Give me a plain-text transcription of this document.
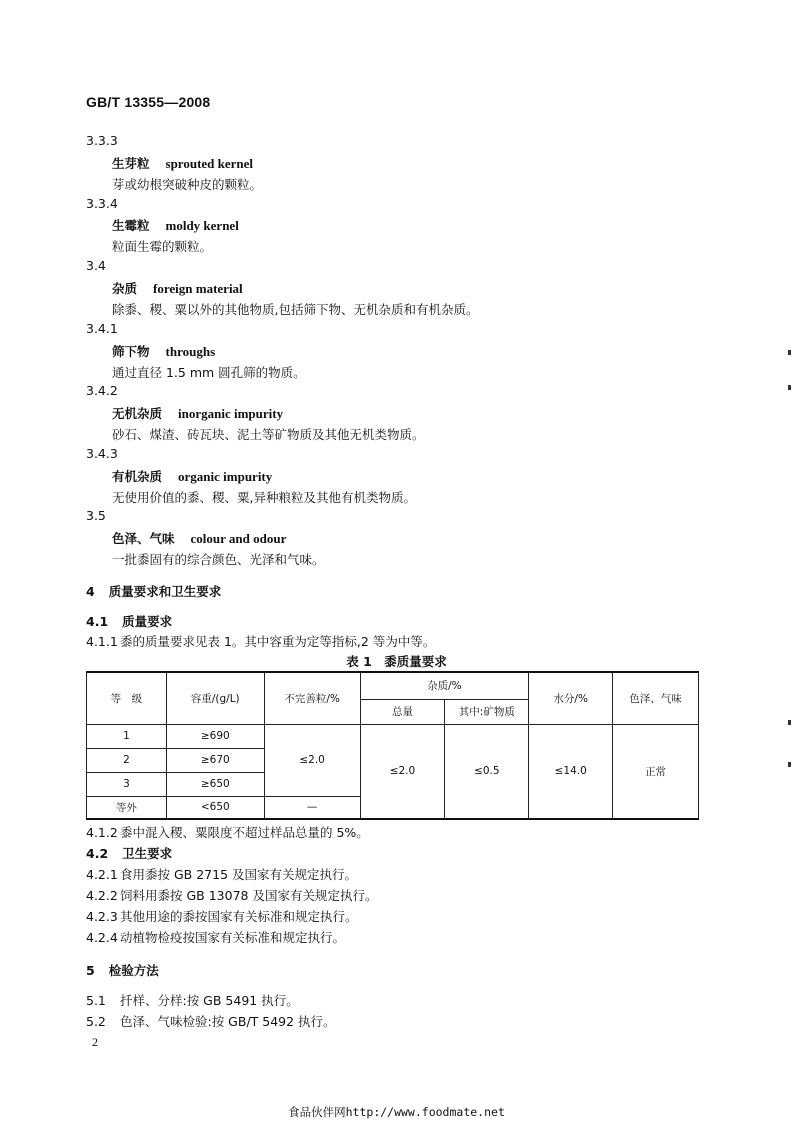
GB/T 13355—2008
3.3.3
生芽粒 sprouted kernel
芽或幼根突破种皮的颗粒。
3.3.4
生霉粒 moldy kernel
粒面生霉的颗粒。
3.4
杂质 foreign material
除黍、稷、粟以外的其他物质,包括筛下物、无机杂质和有机杂质。
3.4.1
筛下物 throughs
通过直径 1.5 mm 圆孔筛的物质。
3.4.2
无机杂质 inorganic impurity
砂石、煤渣、砖瓦块、泥土等矿物质及其他无机类物质。
3.4.3
有机杂质 organic impurity
无使用价值的黍、稷、粟,异种粮粒及其他有机类物质。
3.5
色泽、气味 colour and odour
一批黍固有的综合颜色、光泽和气味。
4 质量要求和卫生要求
4.1 质量要求
4.1.1 黍的质量要求见表 1。其中容重为定等指标,2 等为中等。
表 1　黍质量要求
等　级	容重/(g/L)	不完善粒/%	杂质/%		水分/%	色泽、气味
			总量	其中:矿物质		
1	≥690	≤2.0	≤2.0	≤0.5	≤14.0	正常
2	≥670					
3	≥650					
等外	<650	—				
4.1.2 黍中混入稷、粟限度不超过样品总量的 5%。
4.2 卫生要求
4.2.1 食用黍按 GB 2715 及国家有关规定执行。
4.2.2 饲料用黍按 GB 13078 及国家有关规定执行。
4.2.3 其他用途的黍按国家有关标准和规定执行。
4.2.4 动植物检疫按国家有关标准和规定执行。
5 检验方法
5.1 扦样、分样:按 GB 5491 执行。
5.2 色泽、气味检验:按 GB/T 5492 执行。
2
食品伙伴网http://www.foodmate.net
